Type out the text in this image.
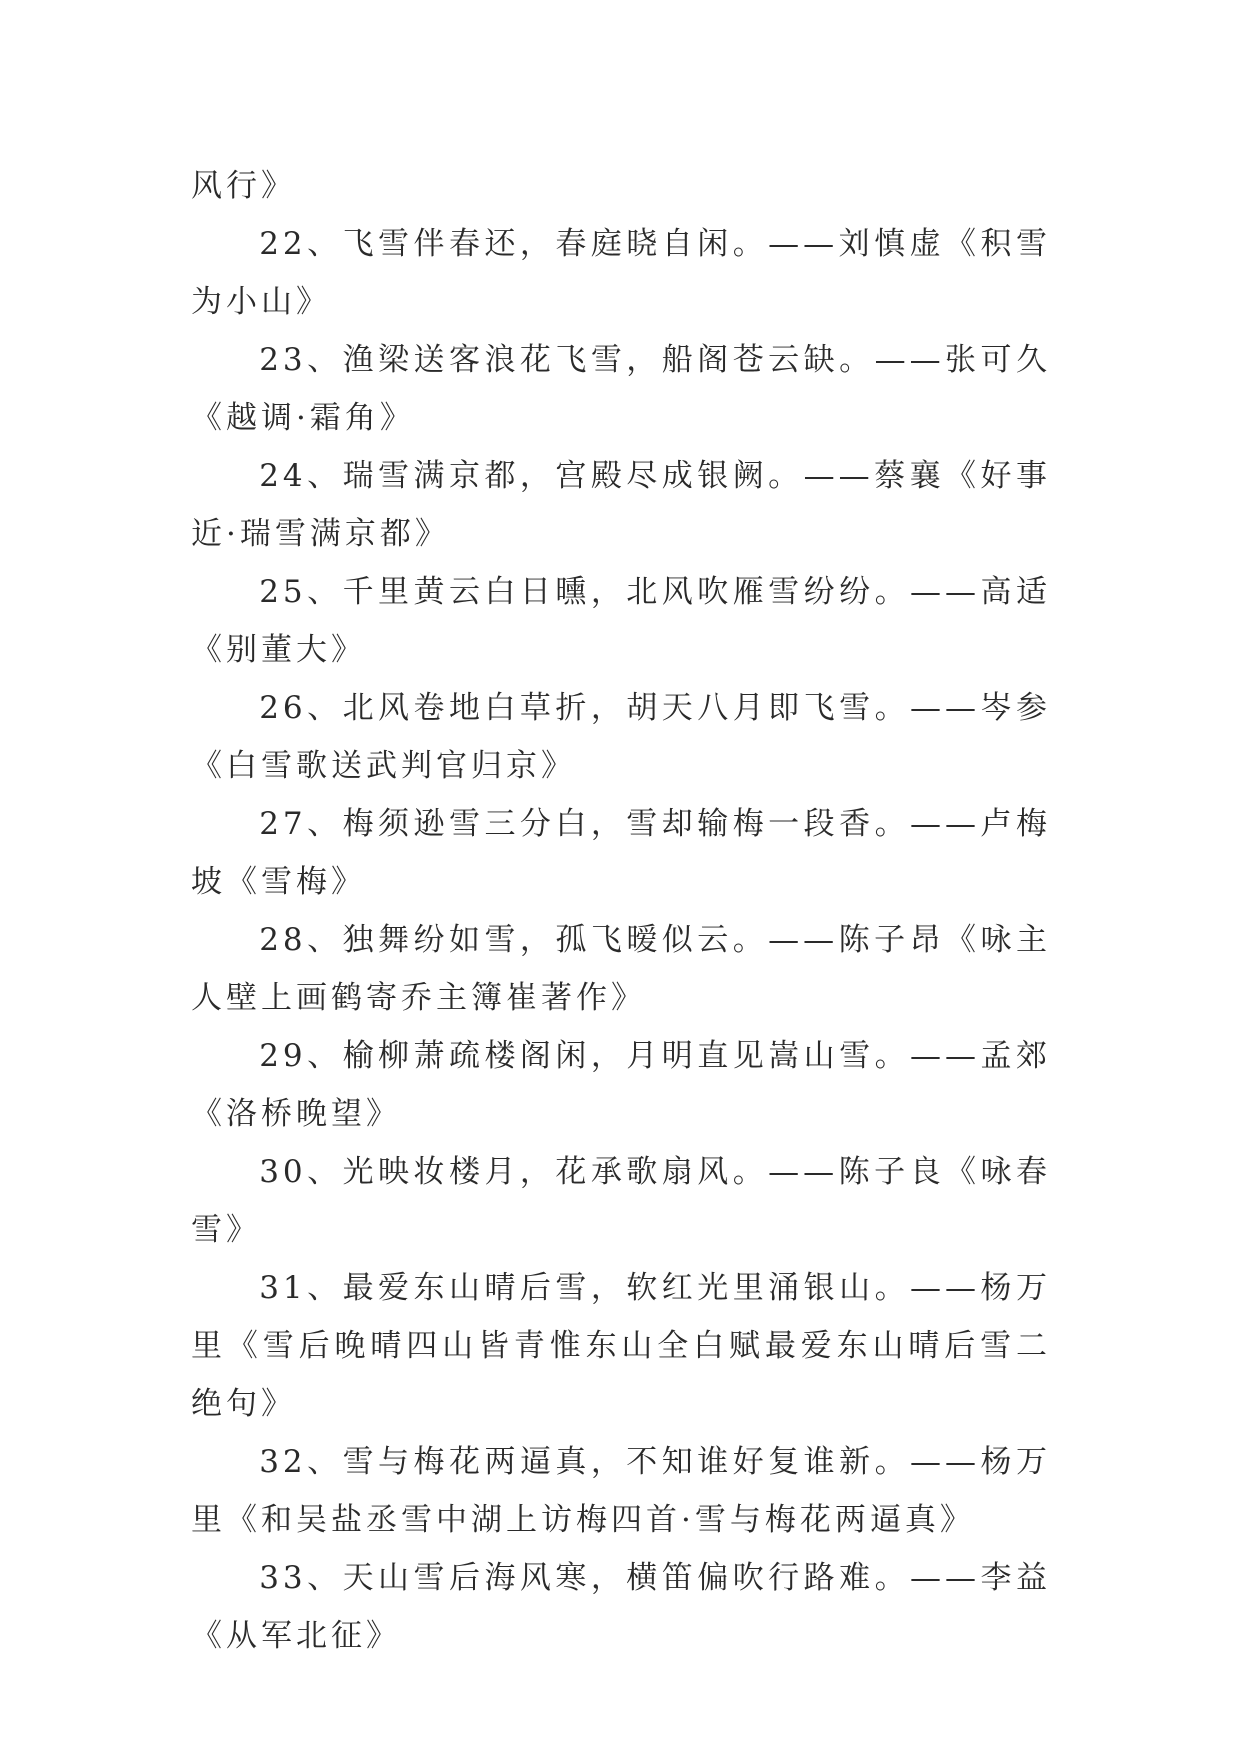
风行》

22、飞雪伴春还，春庭晓自闲。——刘慎虚《积雪为小山》

23、渔梁送客浪花飞雪，船阁苍云缺。——张可久《越调·霜角》

24、瑞雪满京都，宫殿尽成银阙。——蔡襄《好事近·瑞雪满京都》

25、千里黄云白日曛，北风吹雁雪纷纷。——高适《别董大》

26、北风卷地白草折，胡天八月即飞雪。——岑参《白雪歌送武判官归京》

27、梅须逊雪三分白，雪却输梅一段香。——卢梅坡《雪梅》

28、独舞纷如雪，孤飞暧似云。——陈子昂《咏主人壁上画鹤寄乔主簿崔著作》

29、榆柳萧疏楼阁闲，月明直见嵩山雪。——孟郊《洛桥晚望》

30、光映妆楼月，花承歌扇风。——陈子良《咏春雪》

31、最爱东山晴后雪，软红光里涌银山。——杨万里《雪后晚晴四山皆青惟东山全白赋最爱东山晴后雪二绝句》

32、雪与梅花两逼真，不知谁好复谁新。——杨万里《和吴盐丞雪中湖上访梅四首·雪与梅花两逼真》

33、天山雪后海风寒，横笛偏吹行路难。——李益《从军北征》
